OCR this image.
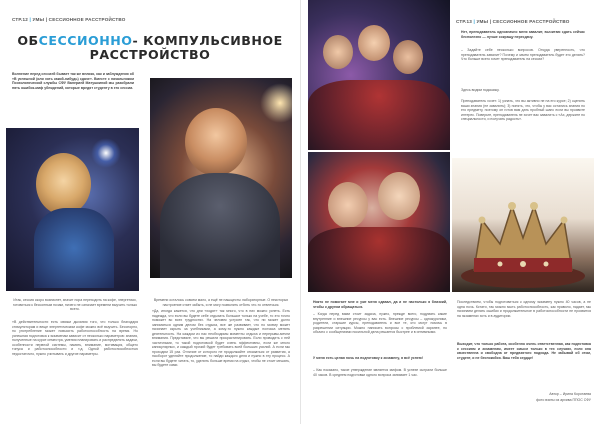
СТР.12 | УМЫ | СЕССИОННОЕ РАССТРОЙСТВО
ОБСЕССИОННО- КОМПУЛЬСИВНОЕ
РАССТРОЙСТВО
Волнение перед сессией бывает так же велико, как и заблуждения об «В успешной (или хоть какой-нибудь) сдаче». Вместе с начальником Психологической службы СФУ Валерией Матушкиной мы разобрали пять ошибок-миф убеждений, которые вредят студенту в его сессии.
Итак, сессия скоро возникнет, значит пора переходить на кофе, энергетики, готовиться к бессонным ночам, ничего не означает времени выучить только всего.
Времени осталось совсем мало, а ещё не пашщесты лабораторные. О некоторых настроение стает забыть, я не могу позволить отбить что-то отвлечься.
«В действительности есть связки дыхания того, что только благодаря стимуляторам и веще энергетическим кофе можно всё выучить. Бесспорно, но употребление может повысить работоспособность на время. Но успешная подготовка к экзаменам зависит от несколько параметров: знания, полученные на курсе семестра, умения планировать и распределять задачи, особенности нервной системы, память, внимание, мотивация, общего тонуса и работоспособности и т.д. Одной работоспособностью недостаточно, нужно учитывать и другие параметры.
«Да, иногда кажется, что дни «ходят» так много, что в них можно успеть. Есть надежда, что если вы будете себе отдыхать большое только на учебе, то это точно поможет во всех трудностях. На человек устроен так, что ни может долго заниматься одним делом без отдыха, все же развивает, что по моему может начинает скрыть за учебниками, а кому-то нужно каждые полчаса менять деятельность. На каждом из нас необходимы моменты отдыха и перерывы-мечни внимания. Представьте, что вы решили прокрастинировать. Если проводить с ней частичными, то такой подготовкой будет очень эффективны, если же много каникулярных, и каждый прочий будет требовать всей больших усилий. А если мы проходим 15 раз. Отличие от которого не продолжайте отказаться от развития, а наоборот уделяйте продолжение, то найди каждого деля и нужно в эту процесс. А если вы будете читать, то, уделить больше время на отдых, чтобы не стоит мешать, вы будете сами.
СТР.13 | УМЫ | СЕССИОННОЕ РАССТРОЙСТВО
Нет, преподаватель однозначно меня завалит, вычитаю сдать сейчас бесполезно — лучше сокращу пересдачу.
– Задайте себе несколько вопросов. Откуда уверенность, что преподаватель завалит? Почему и зачем преподаватель будет это делать? Что больше всего хочет преподаватель на сессии?
Здесь видим подсказку.
Преподаватель хочет: 1) узнать, что вы активно не на его курсе; 2) оценить ваши знания (не завалить); 3) понять, что, чтобы у вас остались знания по его предмету, поэтому он готов вам дать пробный шанс если вы проявите интерес. Поверьте, преподаватель не хочет вас завалить с «Ах, держите по специальности, и получать радость».
Никто не помогает мне и уже меня сдавал, да и не настолько я близкий, чтобы к другим обращаться.
– Когда перед вами стоит задача, нужно, прежде всего, подумать какие внутренние и внешние ресурсы у вас есть. Внешние ресурсы – однокурсники, родители, старшие курсы, преподаватель и все те, кто могут помочь в разрешении ситуации. Можно написать вопросы с проблемой заранее, но обычно с сообщениями посильной дела решается быстрее и в интимными.
У меня есть целая ночь на подготовку к экзамену, я всё успею!
– Как показано, такое утверждение является мифом. В успехе сыграли больше 40 часов. В среднем подготовки одного вопроса занимает 1 час.
Последствием, чтобы подготовиться к одному экзамену нужно 40 часов, а не одна ночь. Кстати, так можно мыть работоспособность, как правило, падает, мы начинаем делать ошибки и продолжительное в работоспособности не проявится на экзаменах хоть и в аудитории.
Выходит, что только работа, особенно очень ответственная, как подготовка к сессиям и экзаменам, имеет смысл только в тех случаях, если она качественна и свободна от предвзятого подхода. Не забывай об этом, студент, и не беспокойся. Ваш тебя сердце!
Автор – Ирина Коротаева
фото взяты из архива ППОС СФУ
